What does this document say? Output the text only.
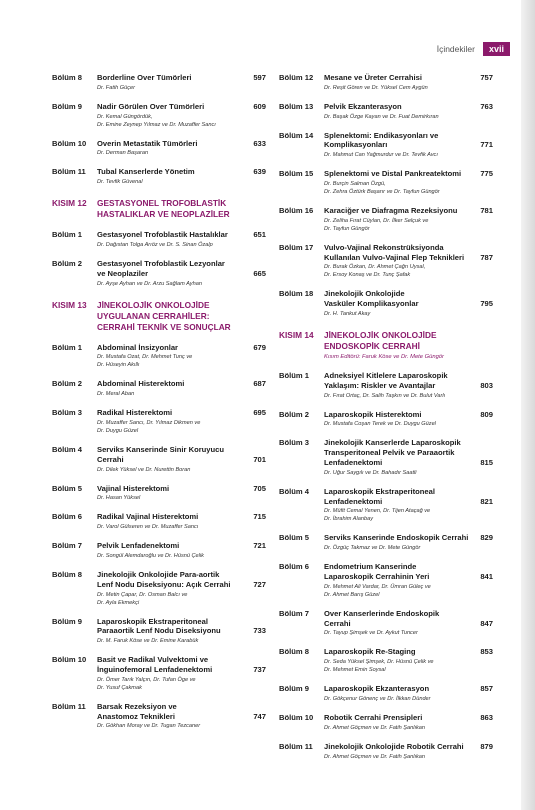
İçindekiler	xvii
Bölüm 8	Borderline Over Tümörleri	597
Dr. Fatih Güçer
Bölüm 9	Nadir Görülen Over Tümörleri	609
Dr. Kemal Güngördük,
Dr. Emine Zeynep Yılmaz ve Dr. Muzaffer Sancı
Bölüm 10	Overin Metastatik Tümörleri	633
Dr. Derman Başaran
Bölüm 11	Tubal Kanserlerde Yönetim	639
Dr. Tevfik Güvenal
KISIM 12	GESTASYONEL TROFOBLASTİK
HASTALIKLAR VE NEOPLAZİLER
Bölüm 1	Gestasyonel Trofoblastik Hastalıklar	651
Dr. Dağıstan Tolga Arıöz ve Dr. S. Sinan Özalp
Bölüm 2	Gestasyonel Trofoblastik Lezyonlar
ve Neoplaziler	665
Dr. Ayşe Ayhan ve Dr. Arzu Sağlam Ayhan
KISIM 13	JİNEKOLOJİK ONKOLOJİDE
UYGULANAN CERRAHİLER:
CERRAHİ TEKNİK VE SONUÇLAR
Bölüm 1	Abdominal İnsizyonlar	679
Dr. Mustafa Ozat, Dr. Mehmet Tunç ve
Dr. Hüseyin Akıllı
Bölüm 2	Abdominal Histerektomi	687
Dr. Meral Aban
Bölüm 3	Radikal Histerektomi	695
Dr. Muzaffer Sancı, Dr. Yılmaz Dikmen ve
Dr. Duygu Güzel
Bölüm 4	Serviks Kanserinde Sinir Koruyucu
Cerrahi	701
Dr. Dilek Yüksel ve Dr. Nurettin Boran
Bölüm 5	Vajinal Histerektomi	705
Dr. Hasan Yüksel
Bölüm 6	Radikal Vajinal Histerektomi	715
Dr. Varol Gülseren ve Dr. Muzaffer Sancı
Bölüm 7	Pelvik Lenfadenektomi	721
Dr. Songül Alemdaroğlu ve Dr. Hüsnü Çelik
Bölüm 8	Jinekolojik Onkolojide Para-aortik
Lenf Nodu Diseksiyonu: Açık Cerrahi	727
Dr. Metin Çapar, Dr. Osman Balcı ve
Dr. Ayla Ekmekçi
Bölüm 9	Laparoskopik Ekstraperitoneal
Paraaortik Lenf Nodu Diseksiyonu	733
Dr. M. Faruk Köse ve Dr. Emine Karabük
Bölüm 10	Basit ve Radikal Vulvektomi ve
İnguinofemoral Lenfadenektomi	737
Dr. Ömer Tarık Yalçın, Dr. Tufan Öge ve
Dr. Yusuf Çakmak
Bölüm 11	Barsak Rezeksiyon ve
Anastomoz Teknikleri	747
Dr. Gökhan Moray ve Dr. Tugan Tezcaner
Bölüm 12	Mesane ve Üreter Cerrahisi	757
Dr. Reşit Gören ve Dr. Yüksel Cem Aygün
Bölüm 13	Pelvik Ekzanterasyon	763
Dr. Başak Özge Kayan ve Dr. Fuat Demirkıran
Bölüm 14	Splenektomi: Endikasyonları ve
Komplikasyonları	771
Dr. Mahmut Can Yağmurdur ve Dr. Tevfik Avcı
Bölüm 15	Splenektomi ve Distal Pankreatektomi	775
Dr. Burçin Salman Özgü,
Dr. Zehra Öztürk Başarır ve Dr. Tayfun Güngör
Bölüm 16	Karaciğer ve Diafragma Rezeksiyonu	781
Dr. Zeliha Fırat Cüylan, Dr. İlker Selçuk ve
Dr. Tayfun Güngör
Bölüm 17	Vulvo-Vajinal Rekonstrüksiyonda
Kullanılan Vulvo-Vajinal Flep Teknikleri	787
Dr. Burak Özkan, Dr. Ahmet Çağrı Uysal,
Dr. Ersoy Konaş ve Dr. Tunç Şafak
Bölüm 18	Jinekolojik Onkolojide
Vasküler Komplikasyonlar	795
Dr. H. Tankut Akay
KISIM 14	JİNEKOLOJİK ONKOLOJİDE
ENDOSKOPİK CERRAHİ
Kısım Editörü: Faruk Köse ve Dr. Mete Güngör
Bölüm 1	Adneksiyel Kitlelere Laparoskopik
Yaklaşım: Riskler ve Avantajlar	803
Dr. Fırat Ortaç, Dr. Salih Taşkın ve Dr. Bulut Varlı
Bölüm 2	Laparoskopik Histerektomi	809
Dr. Mustafa Coşan Terek ve Dr. Duygu Güzel
Bölüm 3	Jinekolojik Kanserlerde Laparoskopik
Transperitoneal Pelvik ve Paraaortik
Lenfadenektomi	815
Dr. Uğur Saygılı ve Dr. Bahadır Saatli
Bölüm 4	Laparoskopik Ekstraperitoneal
Lenfadenektomi	821
Dr. Müfit Cemal Yenen, Dr. Tijen Ataçağ ve
Dr. İbrahim Alanbay
Bölüm 5	Serviks Kanserinde Endoskopik Cerrahi	829
Dr. Özgüç Takmaz ve Dr. Mete Güngör
Bölüm 6	Endometrium Kanserinde
Laparoskopik Cerrahinin Yeri	841
Dr. Mehmet Ali Vardar, Dr. Ümran Güleç ve
Dr. Ahmet Barış Güzel
Bölüm 7	Over Kanserlerinde Endoskopik
Cerrahi	847
Dr. Tayup Şimşek ve Dr. Aykut Tuncer
Bölüm 8	Laparoskopik Re-Staging	853
Dr. Seda Yüksel Şimşek, Dr. Hüsnü Çelik ve
Dr. Mehmet Emin Soysal
Bölüm 9	Laparoskopik Ekzanterasyon	857
Dr. Gökçenur Gönenç ve Dr. İlkkan Dünder
Bölüm 10	Robotik Cerrahi Prensipleri	863
Dr. Ahmet Göçmen ve Dr. Fatih Şanlıkan
Bölüm 11	Jinekolojik Onkolojide Robotik Cerrahi	879
Dr. Ahmet Göçmen ve Dr. Fatih Şanlıkan
